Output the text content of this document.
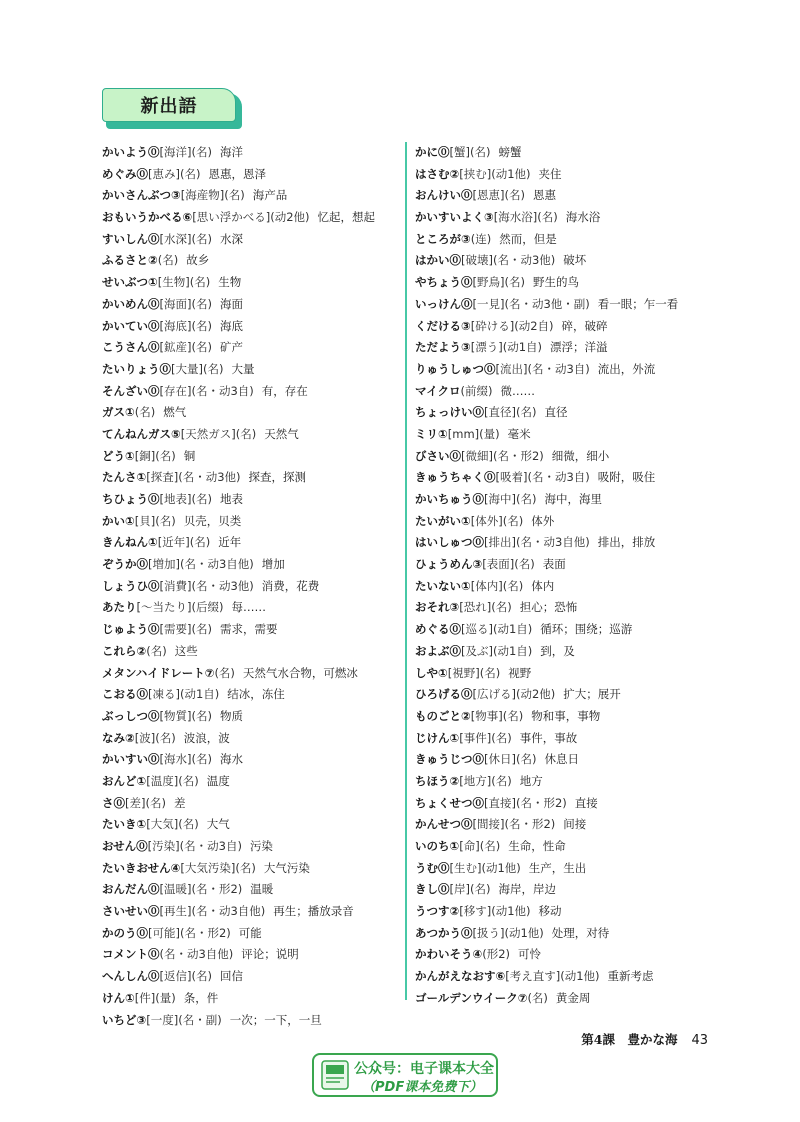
新出語
かいよう⓪[海洋](名) 海洋
めぐみ⓪[恵み](名) 恩惠，恩泽
かいさんぶつ③[海産物](名) 海产品
おもいうかべる⑥[思い浮かべる](动2他) 忆起，想起
すいしん⓪[水深](名) 水深
ふるさと②(名) 故乡
せいぶつ①[生物](名) 生物
かいめん⓪[海面](名) 海面
かいてい⓪[海底](名) 海底
こうさん⓪[鉱産](名) 矿产
たいりょう⓪[大量](名) 大量
そんざい⓪[存在](名・动3自) 有，存在
ガス①(名) 燃气
てんねんガス⑤[天然ガス](名) 天然气
どう①[銅](名) 铜
たんさ①[探査](名・动3他) 探查，探测
ちひょう⓪[地表](名) 地表
かい①[貝](名) 贝壳，贝类
きんねん①[近年](名) 近年
ぞうか⓪[増加](名・动3自他) 增加
しょうひ⓪[消費](名・动3他) 消费，花费
あたり[～当たり](后缀) 每……
じゅよう⓪[需要](名) 需求，需要
これら②(名) 这些
メタンハイドレート⑦(名) 天然气水合物，可燃冰
こおる⓪[凍る](动1自) 结冰，冻住
ぶっしつ⓪[物質](名) 物质
なみ②[波](名) 波浪，波
かいすい⓪[海水](名) 海水
おんど①[温度](名) 温度
さ⓪[差](名) 差
たいき①[大気](名) 大气
おせん⓪[汚染](名・动3自) 污染
たいきおせん④[大気汚染](名) 大气污染
おんだん⓪[温暖](名・形2) 温暖
さいせい⓪[再生](名・动3自他) 再生；播放录音
かのう⓪[可能](名・形2) 可能
コメント⓪(名・动3自他) 评论；说明
へんしん⓪[返信](名) 回信
けん①[件](量) 条，件
いちど③[一度](名・副) 一次；一下，一旦
かに⓪[蟹](名) 螃蟹
はさむ②[挟む](动1他) 夹住
おんけい⓪[恩恵](名) 恩惠
かいすいよく③[海水浴](名) 海水浴
ところが③(连) 然而，但是
はかい⓪[破壊](名・动3他) 破坏
やちょう⓪[野鳥](名) 野生的鸟
いっけん⓪[一見](名・动3他・副) 看一眼；乍一看
くだける③[砕ける](动2自) 碎，破碎
ただよう③[漂う](动1自) 漂浮；洋溢
りゅうしゅつ⓪[流出](名・动3自) 流出，外流
マイクロ(前缀) 微……
ちょっけい⓪[直径](名) 直径
ミリ①[mm](量) 毫米
びさい⓪[微細](名・形2) 细微，细小
きゅうちゃく⓪[吸着](名・动3自) 吸附，吸住
かいちゅう⓪[海中](名) 海中，海里
たいがい①[体外](名) 体外
はいしゅつ⓪[排出](名・动3自他) 排出，排放
ひょうめん③[表面](名) 表面
たいない①[体内](名) 体内
おそれ③[恐れ](名) 担心；恐怖
めぐる⓪[巡る](动1自) 循环；围绕；巡游
およぶ⓪[及ぶ](动1自) 到，及
しや①[視野](名) 视野
ひろげる⓪[広げる](动2他) 扩大；展开
ものごと②[物事](名) 物和事，事物
じけん①[事件](名) 事件，事故
きゅうじつ⓪[休日](名) 休息日
ちほう②[地方](名) 地方
ちょくせつ⓪[直接](名・形2) 直接
かんせつ⓪[間接](名・形2) 间接
いのち①[命](名) 生命，性命
うむ⓪[生む](动1他) 生产，生出
きし⓪[岸](名) 海岸，岸边
うつす②[移す](动1他) 移动
あつかう⓪[扱う](动1他) 处理，对待
かわいそう④(形2) 可怜
かんがえなおす⑥[考え直す](动1他) 重新考虑
ゴールデンウイーク⑦(名) 黄金周
第4課　豊かな海 43
公众号：电子课本大全
（PDF课本免费下）
